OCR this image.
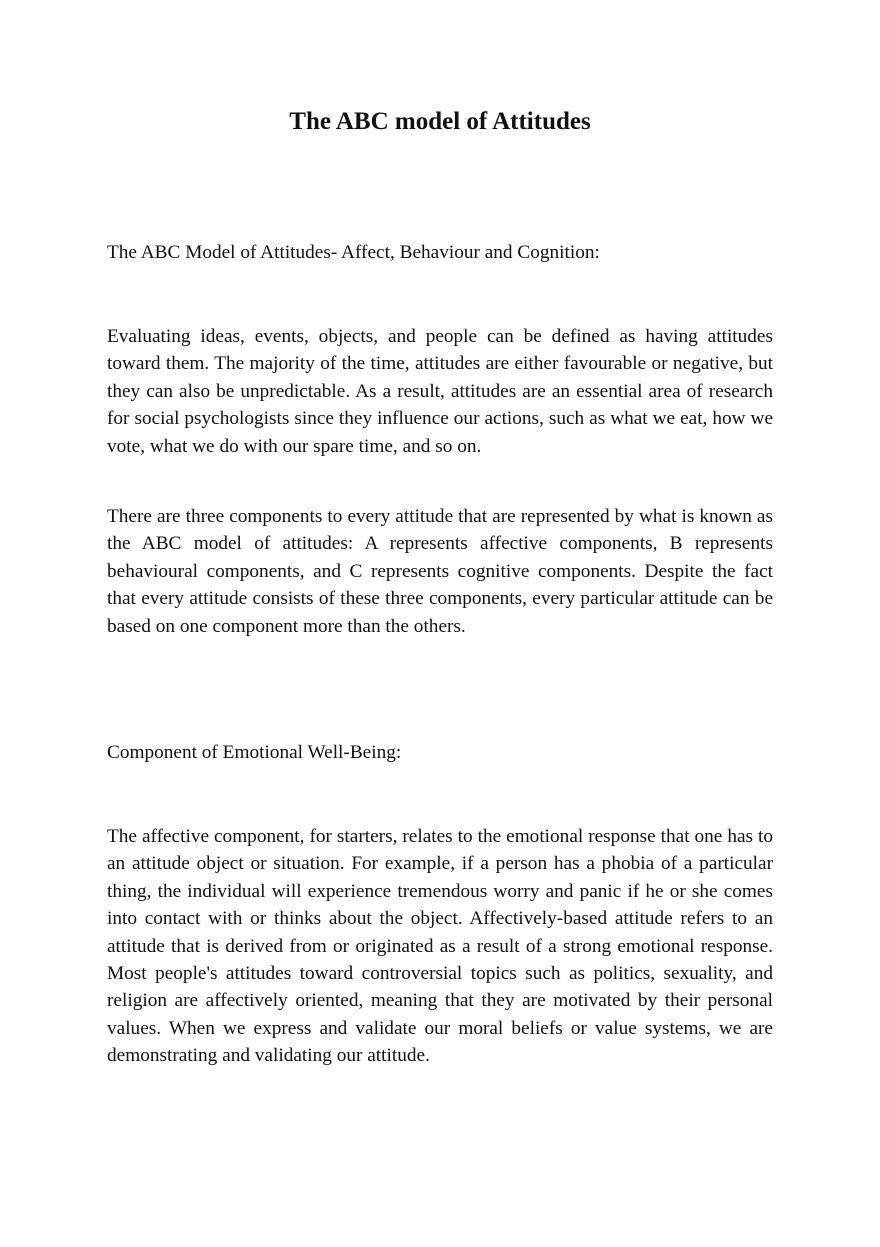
The ABC model of Attitudes

The ABC Model of Attitudes- Affect, Behaviour and Cognition:

Evaluating ideas, events, objects, and people can be defined as having attitudes toward them. The majority of the time, attitudes are either favourable or negative, but they can also be unpredictable. As a result, attitudes are an essential area of research for social psychologists since they influence our actions, such as what we eat, how we vote, what we do with our spare time, and so on.

There are three components to every attitude that are represented by what is known as the ABC model of attitudes: A represents affective components, B represents behavioural components, and C represents cognitive components. Despite the fact that every attitude consists of these three components, every particular attitude can be based on one component more than the others.

Component of Emotional Well-Being:

The affective component, for starters, relates to the emotional response that one has to an attitude object or situation. For example, if a person has a phobia of a particular thing, the individual will experience tremendous worry and panic if he or she comes into contact with or thinks about the object. Affectively-based attitude refers to an attitude that is derived from or originated as a result of a strong emotional response. Most people's attitudes toward controversial topics such as politics, sexuality, and religion are affectively oriented, meaning that they are motivated by their personal values. When we express and validate our moral beliefs or value systems, we are demonstrating and validating our attitude.
